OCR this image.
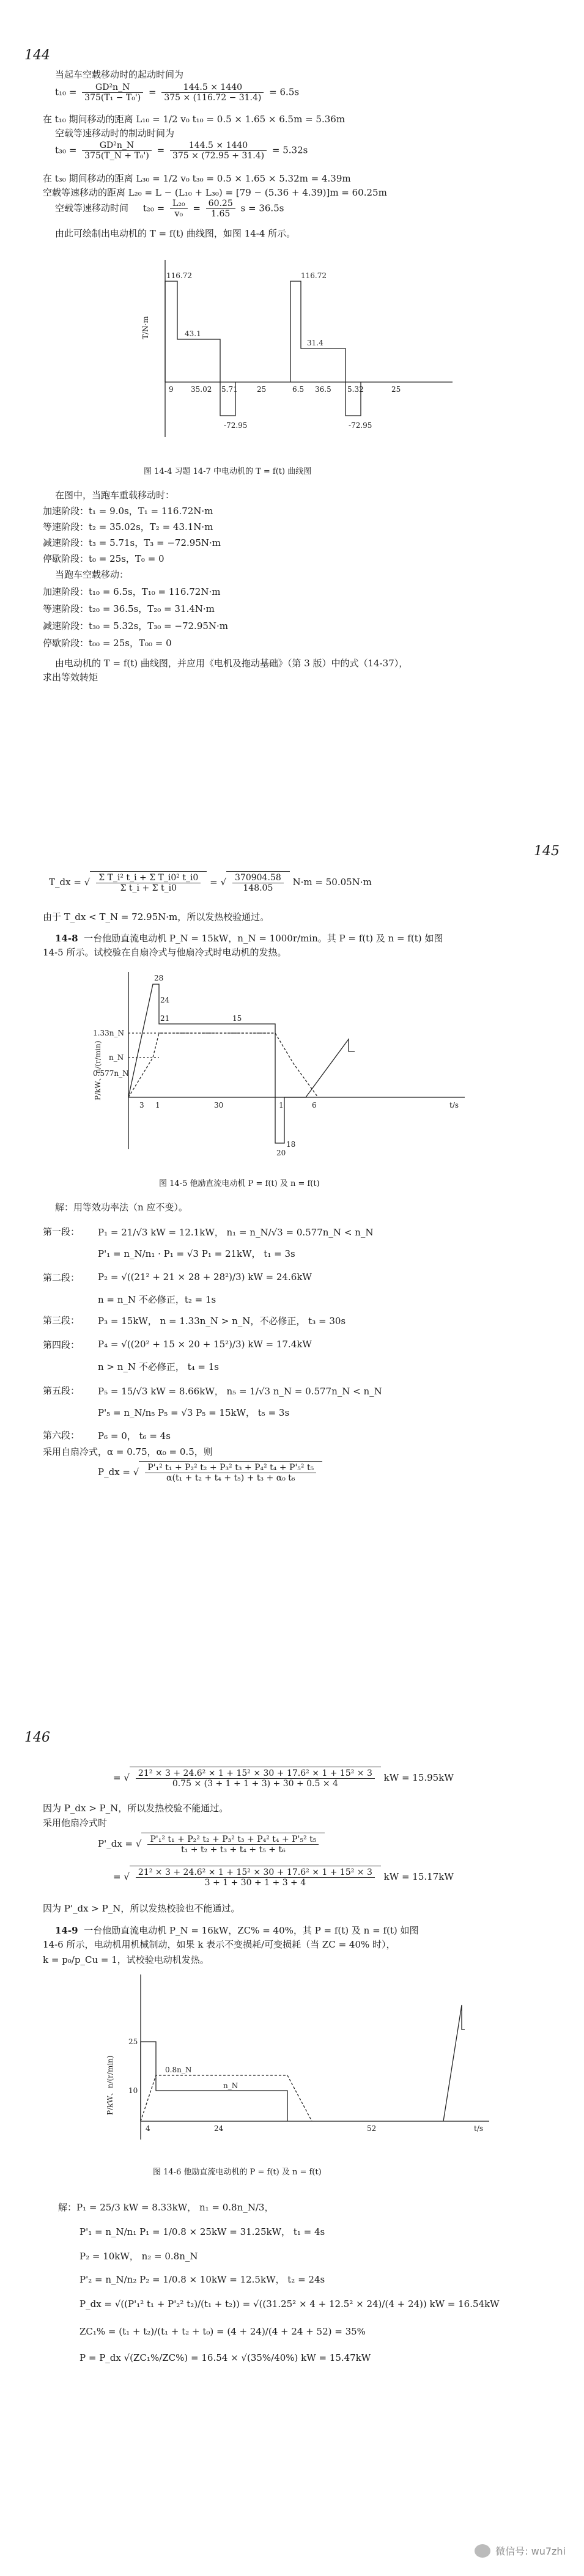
144
当起车空载移动时的起动时间为
$t_{10} = \frac{\text{GD²n\_N}}{\text{375(T₁ − T₀')}} = \frac{144.5 \times 1440}{375 \times (116.72 - 31.4)} = 6.5s$
在 t₁₀ 期间移动的距离 L₁₀ = 1/2 v₀ t₁₀ = 0.5 × 1.65 × 6.5m = 5.36m
空载等速移动时的制动时间为
$t_{30} = \frac{\text{GD²n\_N}}{\text{375(T\_N + T₀')}} = \frac{144.5 \times 1440}{375 \times (72.95 + 31.4)} = 5.32s$
在 t₃₀ 期间移动的距离 L₃₀ = 1/2 v₀ t₃₀ = 0.5 × 1.65 × 5.32m = 4.39m
空载等速移动的距离 L₂₀ = L − (L₁₀ + L₃₀) = [79 − (5.36 + 4.39)]m = 60.25m
空载等速移动时间 $t_{20} = \frac{\text{L₂₀}}{\text{v₀}} = \frac{60.25}{1.65}$ s = 36.5s
由此可绘制出电动机的 T = f(t) 曲线图，如图 14-4 所示。
T/N·m
116.72
43.1
116.72
31.4
-72.95	-72.95
9 35.02 5.71	25	6.5 36.5 5.32	25
图 14-4 习题 14-7 中电动机的 T = f(t) 曲线图
在图中，当跑车重载移动时：
加速阶段：t₁ = 9.0s，T₁ = 116.72N·m
等速阶段：t₂ = 35.02s，T₂ = 43.1N·m
减速阶段：t₃ = 5.71s，T₃ = −72.95N·m
停歇阶段：t₀ = 25s，T₀ = 0
当跑车空载移动：
加速阶段：t₁₀ = 6.5s，T₁₀ = 116.72N·m
等速阶段：t₂₀ = 36.5s，T₂₀ = 31.4N·m
减速阶段：t₃₀ = 5.32s，T₃₀ = −72.95N·m
停歇阶段：t₀₀ = 25s，T₀₀ = 0
由电动机的 T = f(t) 曲线图，并应用《电机及拖动基础》（第 3 版）中的式（14-37），
求出等效转矩
145
T_dx = √ $\frac{\text{Σ T\_i² t\_i + Σ T\_i0² t\_i0}}{\text{Σ t\_i + Σ t\_i0}}$ = √ $\frac{370904.58}{148.05} N\cdot m = 50.05N\cdot m$
由于 T_dx < T_N = 72.95N·m，所以发热校验通过。
14-8 一台他励直流电动机 P_N = 15kW，n_N = 1000r/min。其 P = f(t) 及 n = f(t) 如图
14-5 所示。试校验在自扇冷式与他扇冷式时电动机的发热。
P/kW、n/(r/min)
28
24
21
1.33n_N
n_N
0.577n_N
15
20
18
3 1	30	1	6	t/s
图 14-5 他励直流电动机 P = f(t) 及 n = f(t)
解：用等效功率法（n 应不变）。
第一段： P₁ = 21/√3 kW = 12.1kW， n₁ = n_N/√3 = 0.577n_N < n_N
P'₁ = n_N/n₁ · P₁ = √3 P₁ = 21kW， t₁ = 3s
第二段： P₂ = √((21² + 21 × 28 + 28²)/3) kW = 24.6kW
n = n_N 不必修正，t₂ = 1s
第三段： P₃ = 15kW， n = 1.33n_N > n_N，不必修正， t₃ = 30s
第四段： P₄ = √((20² + 15 × 20 + 15²)/3) kW = 17.4kW
n > n_N 不必修正， t₄ = 1s
第五段： P₅ = 15/√3 kW = 8.66kW， n₅ = 1/√3 n_N = 0.577n_N < n_N
P'₅ = n_N/n₅ P₅ = √3 P₅ = 15kW， t₅ = 3s
第六段： P₆ = 0， t₆ = 4s
采用自扇冷式，α = 0.75，α₀ = 0.5，则
P_dx = √ $\frac{\text{P'₁² t₁ + P₂² t₂ + P₃² t₃ + P₄² t₄ + P'₅² t₅}}{\text{α(t₁ + t₂ + t₄ + t₅) + t₃ + α₀ t₆}}$
146
= √ $\frac{\text{21² × 3 + 24.6² × 1 + 15² × 30 + 17.6² × 1 + 15² × 3}}{0.75 \times (3 + 1 + 1 + 3) + 30 + 0.5 \times 4}$ kW = 15.95kW
因为 P_dx > P_N，所以发热校验不能通过。
采用他扇冷式时
P'_dx = √ $\frac{\text{P'₁² t₁ + P₂² t₂ + P₃² t₃ + P₄² t₄ + P'₅² t₅}}{\text{t₁ + t₂ + t₃ + t₄ + t₅ + t₆}}$
= √ $\frac{\text{21² × 3 + 24.6² × 1 + 15² × 30 + 17.6² × 1 + 15² × 3}}{3 + 1 + 30 + 1 + 3 + 4}$ kW = 15.17kW
因为 P'_dx > P_N，所以发热校验也不能通过。
14-9 一台他励直流电动机 P_N = 16kW，ZC% = 40%，其 P = f(t) 及 n = f(t) 如图
14-6 所示，电动机用机械制动，如果 k 表示不变损耗/可变损耗（当 ZC = 40% 时），
k = p₀/p_Cu = 1，试校验电动机发热。
P/kW、n/(r/min)
25
10
0.8n_N
n_N
4	24	52	t/s
图 14-6 他励直流电动机的 P = f(t) 及 n = f(t)
解：P₁ = 25/3 kW = 8.33kW， n₁ = 0.8n_N/3，
P'₁ = n_N/n₁ P₁ = 1/0.8 × 25kW = 31.25kW， t₁ = 4s
P₂ = 10kW， n₂ = 0.8n_N
P'₂ = n_N/n₂ P₂ = 1/0.8 × 10kW = 12.5kW， t₂ = 24s
P_dx = √((P'₁² t₁ + P'₂² t₂)/(t₁ + t₂)) = √((31.25² × 4 + 12.5² × 24)/(4 + 24)) kW = 16.54kW
ZC₁% = (t₁ + t₂)/(t₁ + t₂ + t₀) = (4 + 24)/(4 + 24 + 52) = 35%
P = P_dx √(ZC₁%/ZC%) = 16.54 × √(35%/40%) kW = 15.47kW
微信号: wu7zhi
